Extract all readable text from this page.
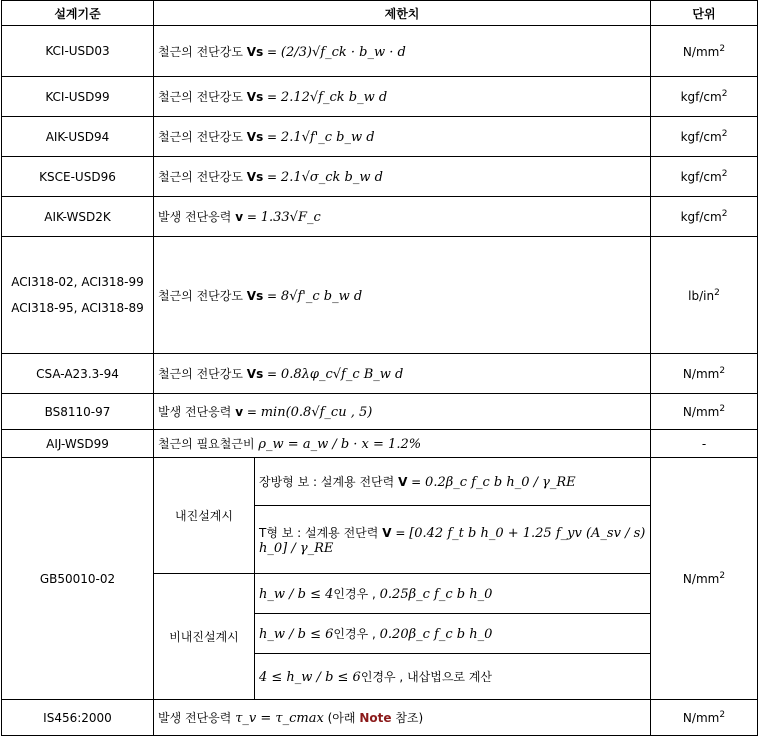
설계기준	제한치		단위
KCI-USD03	철근의 전단강도 Vs = (2/3)√f_ck · b_w · d		$N/mm^2$
KCI-USD99	철근의 전단강도 Vs = 2.12√f_ck b_w d		kgf/$cm^2$
AIK-USD94	철근의 전단강도 Vs = 2.1√f'_c b_w d		kgf/$cm^2$
KSCE-USD96	철근의 전단강도 Vs = 2.1√σ_ck b_w d		kgf/$cm^2$
AIK-WSD2K	발생 전단응력 v = 1.33√F_c		kgf/$cm^2$

ACI318-02, ACI318-99
ACI318-95, ACI318-89	철근의 전단강도 Vs = 8√f'_c b_w d		$lb/in^2$
CSA-A23.3-94	철근의 전단강도 Vs = 0.8λφ_c√f_c B_w d		$N/mm^2$
BS8110-97	발생 전단응력 v = min(0.8√f_cu , 5)		$N/mm^2$
AIJ-WSD99	철근의 필요철근비 ρ_w = a_w / b · x = 1.2%		-
GB50010-02	내진설계시	장방형 보 : 설계용 전단력 V = 0.2β_c f_c b h_0 / γ_RE	$N/mm^2$
		T형 보 : 설계용 전단력 V = [0.42 f_t b h_0 + 1.25 f_yv (A_sv / s) h_0] / γ_RE	
	비내진설계시	h_w / b ≤ 4인경우 , 0.25β_c f_c b h_0	
		h_w / b ≤ 6인경우 , 0.20β_c f_c b h_0	
		4 ≤ h_w / b ≤ 6인경우 , 내삽법으로 계산	
IS456:2000	발생 전단응력 τ_v = τ_cmax (아래 Note 참조)		$N/mm^2$
